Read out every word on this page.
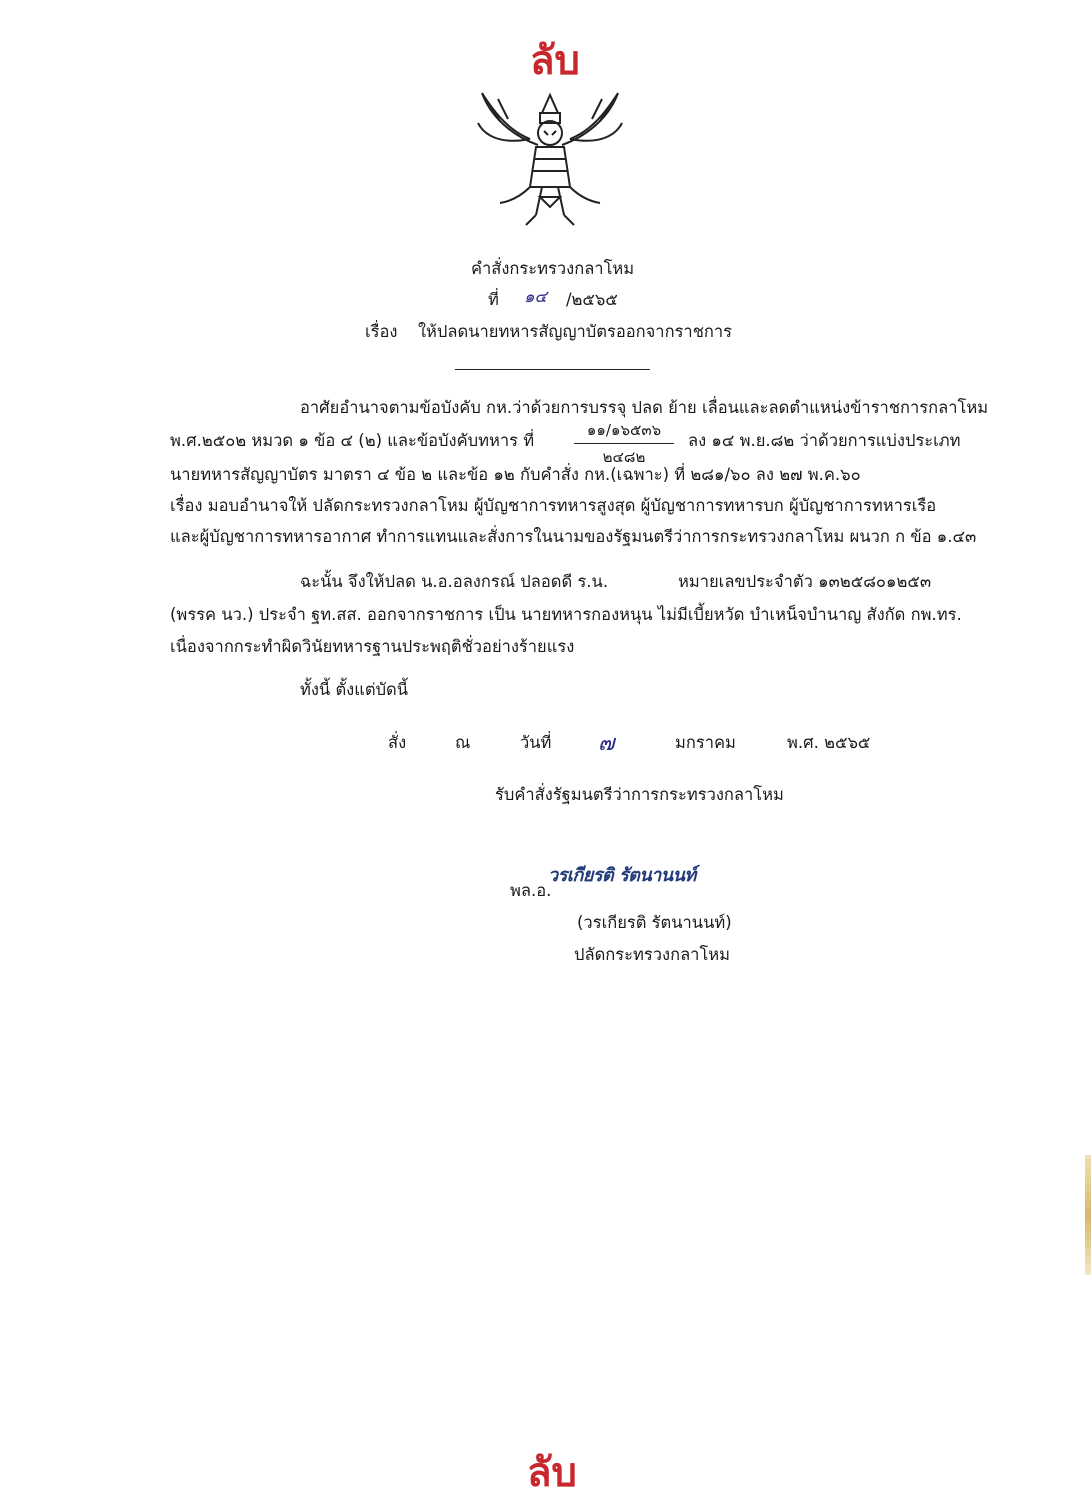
ลับ
คำสั่งกระทรวงกลาโหม
ที่ ๑๔ /๒๕๖๕
เรื่อง ให้ปลดนายทหารสัญญาบัตรออกจากราชการ
อาศัยอำนาจตามข้อบังคับ กห.ว่าด้วยการบรรจุ ปลด ย้าย เลื่อนและลดตำแหน่งข้าราชการกลาโหม
พ.ศ.๒๕๐๒ หมวด ๑ ข้อ ๔ (๒) และข้อบังคับทหาร ที่
๑๑/๑๖๕๓๖
๒๔๘๒
ลง ๑๔ พ.ย.๘๒ ว่าด้วยการแบ่งประเภท
นายทหารสัญญาบัตร มาตรา ๔ ข้อ ๒ และข้อ ๑๒ กับคำสั่ง กห.(เฉพาะ) ที่ ๒๘๑/๖๐ ลง ๒๗ พ.ค.๖๐
เรื่อง มอบอำนาจให้ ปลัดกระทรวงกลาโหม ผู้บัญชาการทหารสูงสุด ผู้บัญชาการทหารบก ผู้บัญชาการทหารเรือ
และผู้บัญชาการทหารอากาศ ทำการแทนและสั่งการในนามของรัฐมนตรีว่าการกระทรวงกลาโหม ผนวก ก ข้อ ๑.๔๓
ฉะนั้น จึงให้ปลด น.อ.อลงกรณ์ ปลอดดี ร.น.	หมายเลขประจำตัว ๑๓๒๕๘๐๑๒๕๓
(พรรค นว.) ประจำ ฐท.สส. ออกจากราชการ เป็น นายทหารกองหนุน ไม่มีเบี้ยหวัด บำเหน็จบำนาญ สังกัด กพ.ทร.
เนื่องจากกระทำผิดวินัยทหารฐานประพฤติชั่วอย่างร้ายแรง
ทั้งนี้ ตั้งแต่บัดนี้
สั่ง	ณ	วันที่ ๗	มกราคม	พ.ศ. ๒๕๖๕
รับคำสั่งรัฐมนตรีว่าการกระทรวงกลาโหม
พล.อ.
วรเกียรติ รัตนานนท์
(วรเกียรติ รัตนานนท์)
ปลัดกระทรวงกลาโหม
ลับ
